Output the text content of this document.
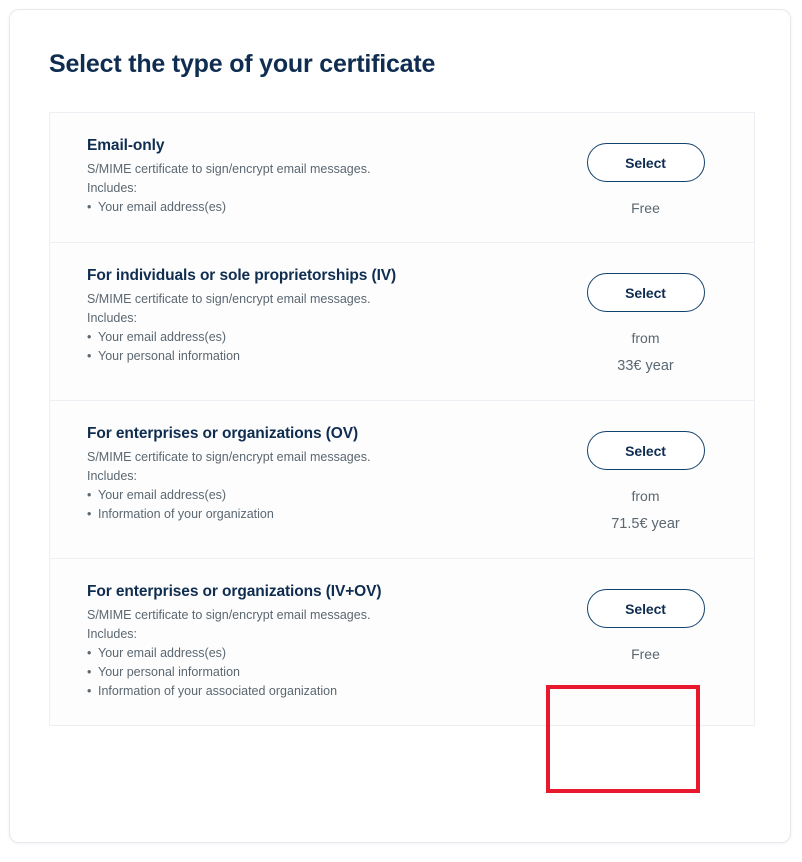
Select the type of your certificate
Email-only

S/MIME certificate to sign/encrypt email messages.

Includes:

• Your email address(es)
Select
Free
For individuals or sole proprietorships (IV)

S/MIME certificate to sign/encrypt email messages.

Includes:

• Your email address(es)
• Your personal information
Select
from
33€ year
For enterprises or organizations (OV)

S/MIME certificate to sign/encrypt email messages.

Includes:

• Your email address(es)
• Information of your organization
Select
from
71.5€ year
For enterprises or organizations (IV+OV)

S/MIME certificate to sign/encrypt email messages.

Includes:

• Your email address(es)
• Your personal information
• Information of your associated organization
Select
Free
